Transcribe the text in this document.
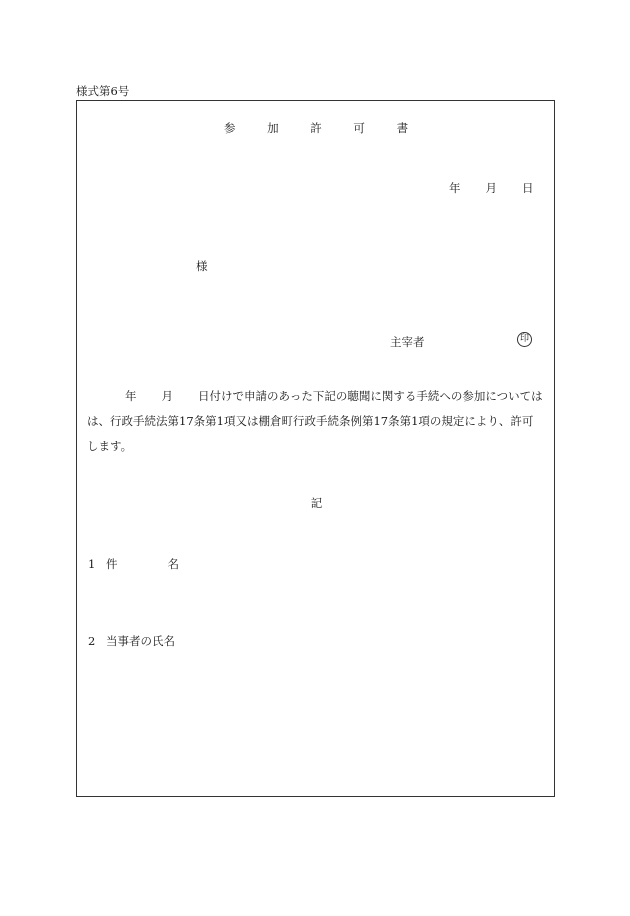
様式第6号
参	加	許	可	書
年 月 日
様
主宰者	印
年 月 日付けで申請のあった下記の聴聞に関する手続への参加については
は、行政手続法第17条第1項又は棚倉町行政手続条例第17条第1項の規定により、許可
します。
記
1 件	名
2 当事者の氏名
